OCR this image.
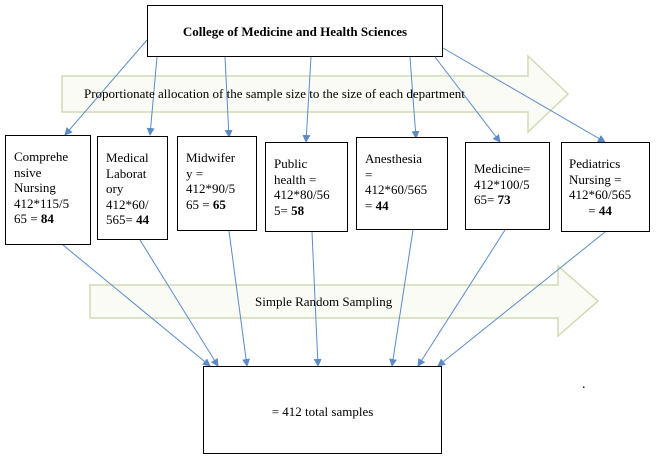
Proportionate allocation of the sample size to the size of each department
Simple Random Sampling
College of Medicine and Health Sciences
Comprehe
nsive
Nursing
412*115/5
65 = 84
Medical
Laborat
ory
412*60/
565= 44
Midwifer
y =
412*90/5
65 = 65
Public
health =
412*80/56
5= 58
Anesthesia
=
412*60/565
= 44
Medicine=
412*100/5
65= 73
Pediatrics
Nursing =
412*60/565
= 44
= 412 total samples
.
